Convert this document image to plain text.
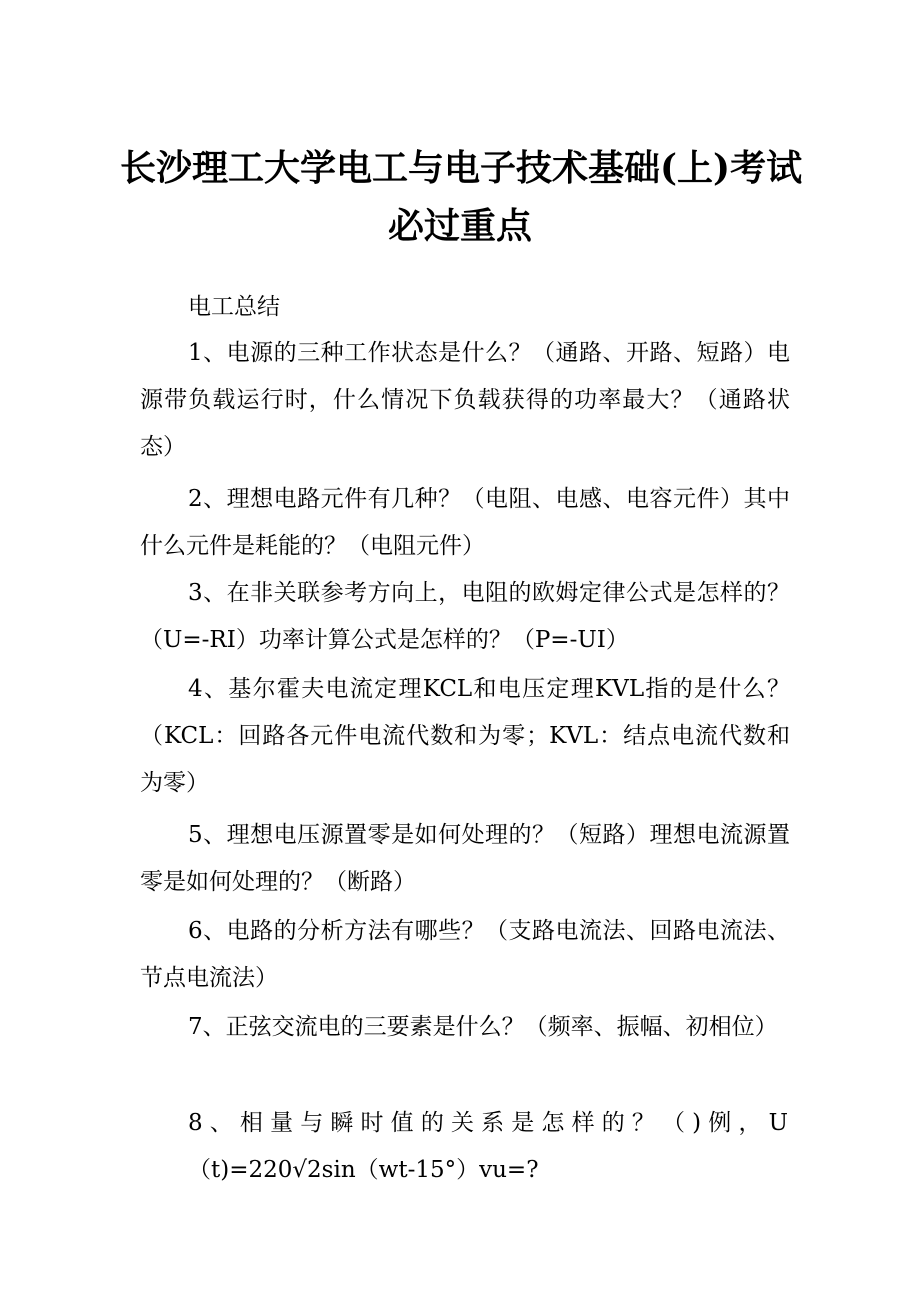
长沙理工大学电工与电子技术基础(上)考试
必过重点

电工总结

1、电源的三种工作状态是什么？（通路、开路、短路）电源带负载运行时，什么情况下负载获得的功率最大？（通路状态）

2、理想电路元件有几种？（电阻、电感、电容元件）其中什么元件是耗能的？（电阻元件）

3、在非关联参考方向上，电阻的欧姆定律公式是怎样的？（U=-RI）功率计算公式是怎样的？（P=-UI）

4、基尔霍夫电流定理KCL和电压定理KVL指的是什么？（KCL：回路各元件电流代数和为零；KVL：结点电流代数和为零）

5、理想电压源置零是如何处理的？（短路）理想电流源置零是如何处理的？（断路）

6、电路的分析方法有哪些？（支路电流法、回路电流法、节点电流法）

7、正弦交流电的三要素是什么？（频率、振幅、初相位）

8、相量与瞬时值的关系是怎样的？（)例，U（t)=220√2sin（wt-15°）vu=?
